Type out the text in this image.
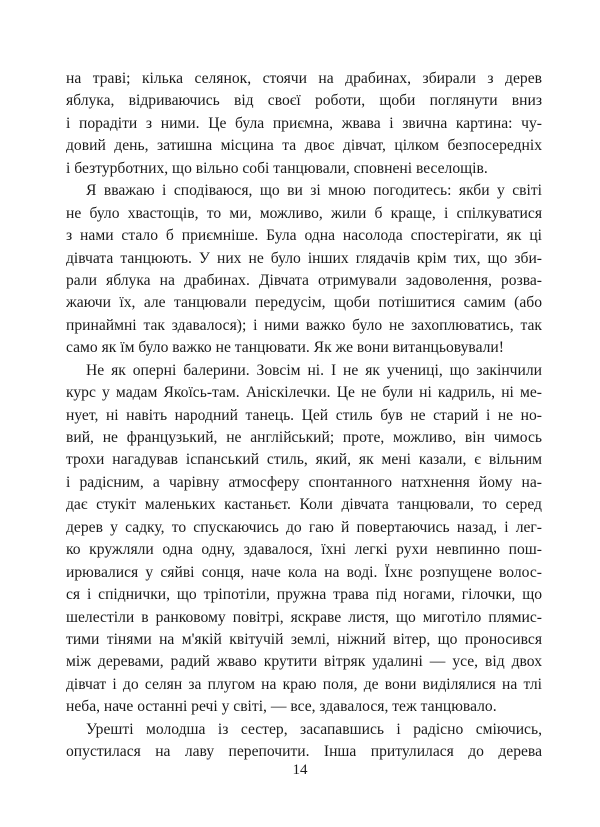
на траві; кілька селянок, стоячи на драбинах, збирали з дерев
яблука, відриваючись від своєї роботи, щоби поглянути вниз
і порадіти з ними. Це була приємна, жвава і звична картина: чу-
довий день, затишна місцина та двоє дівчат, цілком безпосередніх
і безтурботних, що вільно собі танцювали, сповнені веселощів.
Я вважаю і сподіваюся, що ви зі мною погодитесь: якби у світі
не було хвастощів, то ми, можливо, жили б краще, і спілкуватися
з нами стало б приємніше. Була одна насолода спостерігати, як ці
дівчата танцюють. У них не було інших глядачів крім тих, що зби-
рали яблука на драбинах. Дівчата отримували задоволення, розва-
жаючи їх, але танцювали передусім, щоби потішитися самим (або
принаймні так здавалося); і ними важко було не захоплюватись, так
само як їм було важко не танцювати. Як же вони витанцьовували!
Не як оперні балерини. Зовсім ні. І не як учениці, що закінчили
курс у мадам Якоїсь-там. Аніскілечки. Це не були ні кадриль, ні ме-
нует, ні навіть народний танець. Цей стиль був не старий і не но-
вий, не французький, не англійський; проте, можливо, він чимось
трохи нагадував іспанський стиль, який, як мені казали, є вільним
і радісним, а чарівну атмосферу спонтанного натхнення йому на-
дає стукіт маленьких кастаньєт. Коли дівчата танцювали, то серед
дерев у садку, то спускаючись до гаю й повертаючись назад, і лег-
ко кружляли одна одну, здавалося, їхні легкі рухи невпинно пош-
ирювалися у сяйві сонця, наче кола на воді. Їхнє розпущене волос-
ся і спіднички, що тріпотіли, пружна трава під ногами, гілочки, що
шелестіли в ранковому повітрі, яскраве листя, що миготіло плямис-
тими тінями на м'якій квітучій землі, ніжний вітер, що проносився
між деревами, радий жваво крутити вітряк удалині — усе, від двох
дівчат і до селян за плугом на краю поля, де вони виділялися на тлі
неба, наче останні речі у світі, — все, здавалося, теж танцювало.
Урешті молодша із сестер, засапавшись і радісно сміючись,
опустилася на лаву перепочити. Інша притулилася до дерева
14
